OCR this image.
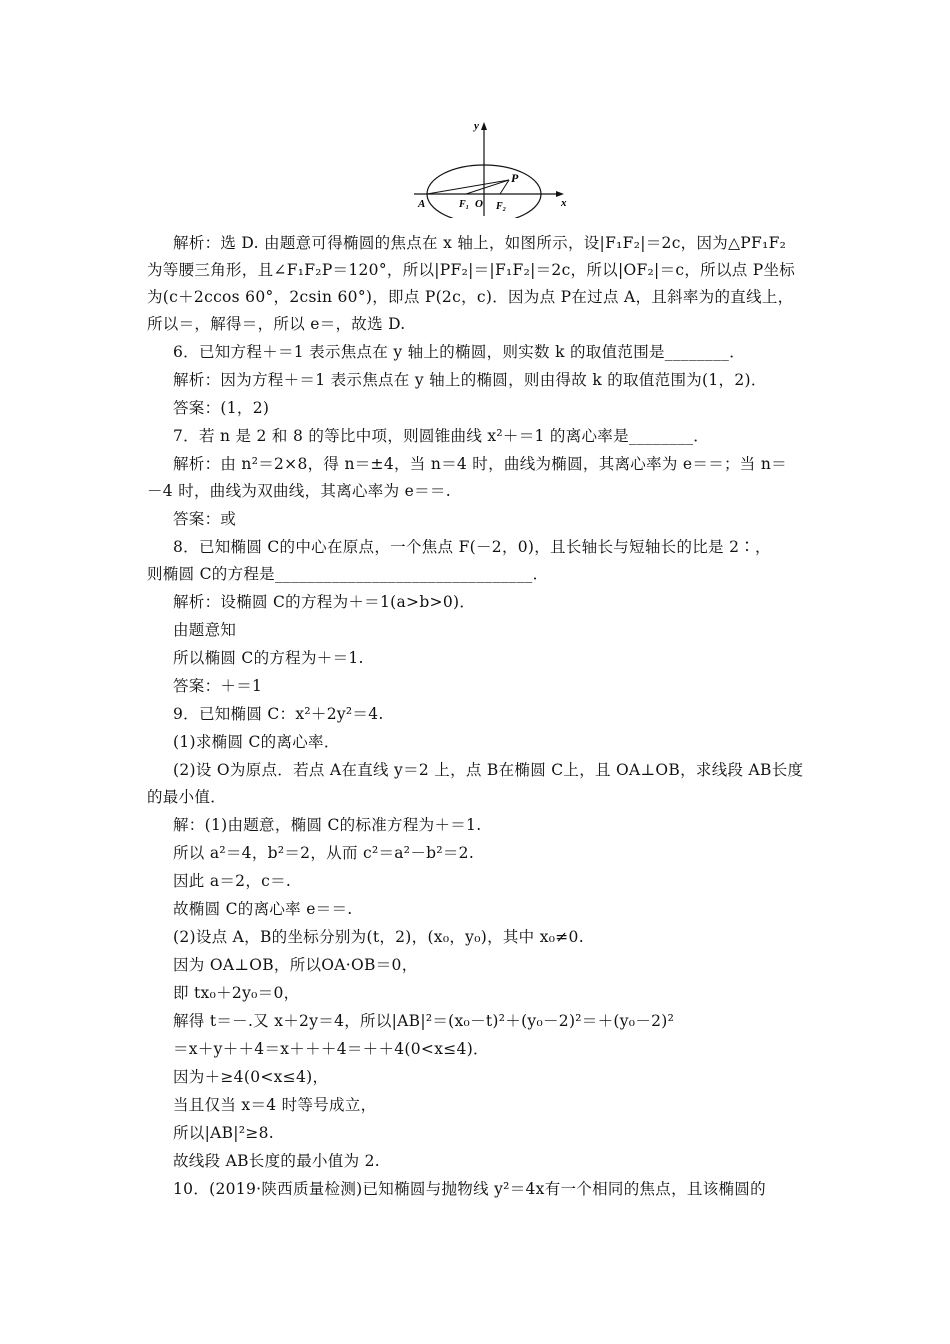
y
x
P
A	F₁ O F₂
解析：选 D. 由题意可得椭圆的焦点在 x 轴上，如图所示，设|F₁F₂|＝2c，因为△PF₁F₂
为等腰三角形，且∠F₁F₂P＝120°，所以|PF₂|＝|F₁F₂|＝2c，所以|OF₂|＝c，所以点 P坐标
为(c＋2ccos 60°，2csin 60°)，即点 P(2c，c)．因为点 P在过点 A，且斜率为的直线上，
所以＝，解得＝，所以 e＝，故选 D.
6．已知方程＋＝1 表示焦点在 y 轴上的椭圆，则实数 k 的取值范围是________．
解析：因为方程＋＝1 表示焦点在 y 轴上的椭圆，则由得故 k 的取值范围为(1，2)．
答案：(1，2)
7．若 n 是 2 和 8 的等比中项，则圆锥曲线 x²＋＝1 的离心率是________．
解析：由 n²＝2×8，得 n＝±4，当 n＝4 时，曲线为椭圆，其离心率为 e＝＝；当 n＝
－4 时，曲线为双曲线，其离心率为 e＝＝.
答案：或
8．已知椭圆 C的中心在原点，一个焦点 F(－2，0)，且长轴长与短轴长的比是 2∶，
则椭圆 C的方程是________________________________．
解析：设椭圆 C的方程为＋＝1(a>b>0)．
由题意知
所以椭圆 C的方程为＋＝1.
答案：＋＝1
9．已知椭圆 C：x²＋2y²＝4.
(1)求椭圆 C的离心率．
(2)设 O为原点．若点 A在直线 y＝2 上，点 B在椭圆 C上，且 OA⊥OB，求线段 AB长度
的最小值．
解：(1)由题意，椭圆 C的标准方程为＋＝1.
所以 a²＝4，b²＝2，从而 c²＝a²－b²＝2.
因此 a＝2，c＝.
故椭圆 C的离心率 e＝＝.
(2)设点 A，B的坐标分别为(t，2)，(x₀，y₀)，其中 x₀≠0.
因为 OA⊥OB，所以OA·OB＝0，
即 tx₀＋2y₀＝0，
解得 t＝－.又 x＋2y＝4，所以|AB|²＝(x₀－t)²＋(y₀－2)²＝＋(y₀－2)²
＝x＋y＋＋4＝x＋＋＋4＝＋＋4(0<x≤4)．
因为＋≥4(0<x≤4)，
当且仅当 x＝4 时等号成立，
所以|AB|²≥8.
故线段 AB长度的最小值为 2.
10．(2019·陕西质量检测)已知椭圆与抛物线 y²＝4x有一个相同的焦点，且该椭圆的
